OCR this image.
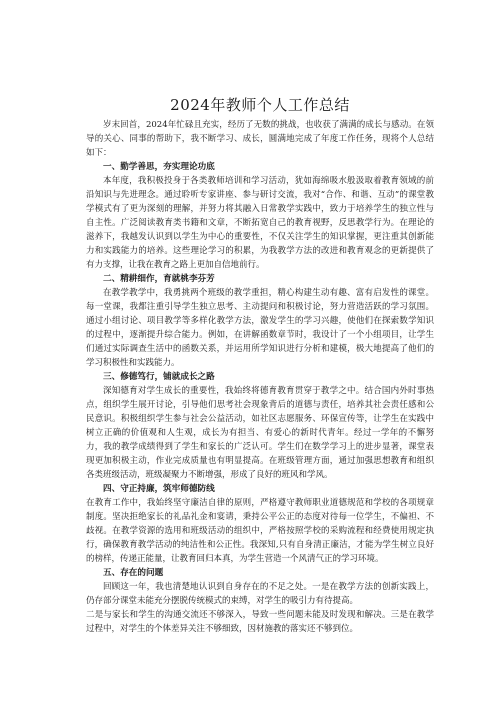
2024年教师个人工作总结

岁末回首，2024年忙碌且充实，经历了无数的挑战，也收获了满满的成长与感动。在领导的关心、同事的帮助下，我不断学习、成长，圆满地完成了年度工作任务，现将个人总结如下：

一、勤学善思，夯实理论功底

本年度，我积极投身于各类教师培训和学习活动，犹如海绵吸水般汲取着教育领域的前沿知识与先进理念。通过聆听专家讲座、参与研讨交流，我对“合作、和谐、互动”的课堂教学模式有了更为深刻的理解，并努力将其融入日常教学实践中，致力于培养学生的独立性与自主性。广泛阅读教育类书籍和文章，不断拓宽自己的教育视野，反思教学行为。在理论的滋养下，我越发认识到以学生为中心的重要性，不仅关注学生的知识掌握，更注重其创新能力和实践能力的培养。这些理论学习的积累，为我教学方法的改进和教育观念的更新提供了有力支撑，让我在教育之路上更加自信地前行。

二、精耕细作，育就桃李芬芳

在教学教学中，我勇挑两个班级的教学重担，精心构建生动有趣、富有启发性的课堂。每一堂课，我都注重引导学生独立思考、主动提问和积极讨论，努力营造活跃的学习氛围。通过小组讨论、项目教学等多样化教学方法，激发学生的学习兴趣，使他们在探索数学知识的过程中，逐渐提升综合能力。例如，在讲解函数章节时，我设计了一个小组项目，让学生们通过实际调查生活中的函数关系，并运用所学知识进行分析和建模，极大地提高了他们的学习积极性和实践能力。

三、修德笃行，铺就成长之路

深知德育对学生成长的重要性，我始终将德育教育贯穿于教学之中。结合国内外时事热点，组织学生展开讨论，引导他们思考社会现象背后的道德与责任，培养其社会责任感和公民意识。积极组织学生参与社会公益活动，如社区志愿服务、环保宣传等，让学生在实践中树立正确的价值观和人生观，成长为有担当、有爱心的新时代青年。经过一学年的不懈努力，我的教学成绩得到了学生和家长的广泛认可。学生们在数学学习上的进步显著，课堂表现更加积极主动，作业完成质量也有明显提高。在班级管理方面，通过加强思想教育和组织各类班级活动，班级凝聚力不断增强，形成了良好的班风和学风。

四、守正持廉，筑牢师德防线

在教育工作中，我始终坚守廉洁自律的原则，严格遵守教师职业道德规范和学校的各项规章制度。坚决拒绝家长的礼品礼金和宴请，秉持公平公正的态度对待每一位学生，不偏袒、不歧视。在教学资源的选用和班级活动的组织中，严格按照学校的采购流程和经费使用规定执行，确保教育教学活动的纯洁性和公正性。我深知,只有自身清正廉洁，才能为学生树立良好的榜样，传递正能量，让教育回归本真，为学生营造一个风清气正的学习环境。

五、存在的问题

回顾这一年，我也清楚地认识到自身存在的不足之处。一是在教学方法的创新实践上，仍存部分课堂未能充分摆脱传统模式的束缚，对学生的吸引力有待提高。

二是与家长和学生的沟通交流还不够深入，导致一些问题未能及时发现和解决。三是在教学过程中，对学生的个体差异关注不够细致，因材施教的落实还不够到位。
